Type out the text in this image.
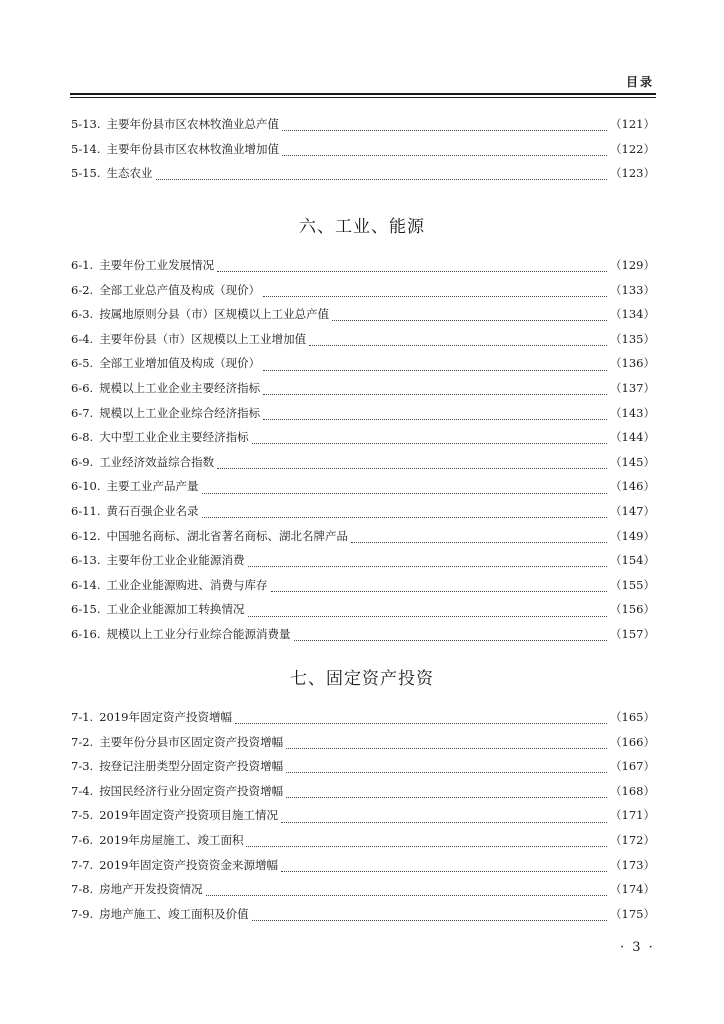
目录
5-13. 主要年份县市区农林牧渔业总产值	（121）
5-14. 主要年份县市区农林牧渔业增加值	（122）
5-15. 生态农业	（123）
六、工业、能源
6-1. 主要年份工业发展情况	（129）
6-2. 全部工业总产值及构成（现价）	（133）
6-3. 按属地原则分县（市）区规模以上工业总产值	（134）
6-4. 主要年份县（市）区规模以上工业增加值	（135）
6-5. 全部工业增加值及构成（现价）	（136）
6-6. 规模以上工业企业主要经济指标	（137）
6-7. 规模以上工业企业综合经济指标	（143）
6-8. 大中型工业企业主要经济指标	（144）
6-9. 工业经济效益综合指数	（145）
6-10. 主要工业产品产量	（146）
6-11. 黄石百强企业名录	（147）
6-12. 中国驰名商标、湖北省著名商标、湖北名牌产品	（149）
6-13. 主要年份工业企业能源消费	（154）
6-14. 工业企业能源购进、消费与库存	（155）
6-15. 工业企业能源加工转换情况	（156）
6-16. 规模以上工业分行业综合能源消费量	（157）
七、固定资产投资
7-1. 2019年固定资产投资增幅	（165）
7-2. 主要年份分县市区固定资产投资增幅	（166）
7-3. 按登记注册类型分固定资产投资增幅	（167）
7-4. 按国民经济行业分固定资产投资增幅	（168）
7-5. 2019年固定资产投资项目施工情况	（171）
7-6. 2019年房屋施工、竣工面积	（172）
7-7. 2019年固定资产投资资金来源增幅	（173）
7-8. 房地产开发投资情况	（174）
7-9. 房地产施工、竣工面积及价值	（175）
· 3 ·
